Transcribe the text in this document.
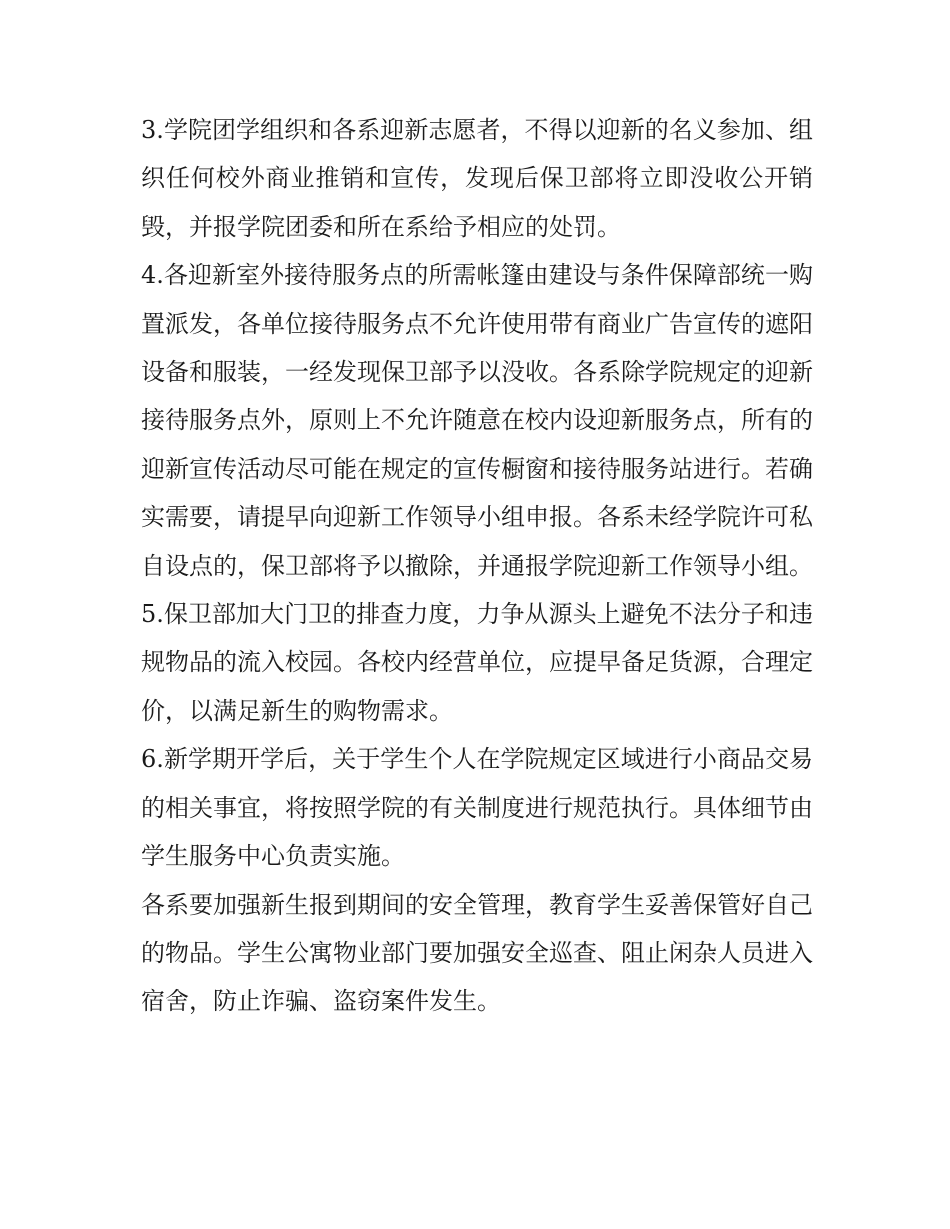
3.学院团学组织和各系迎新志愿者，不得以迎新的名义参加、组织任何校外商业推销和宣传，发现后保卫部将立即没收公开销毁，并报学院团委和所在系给予相应的处罚。

4.各迎新室外接待服务点的所需帐篷由建设与条件保障部统一购置派发，各单位接待服务点不允许使用带有商业广告宣传的遮阳设备和服装，一经发现保卫部予以没收。各系除学院规定的迎新接待服务点外，原则上不允许随意在校内设迎新服务点，所有的迎新宣传活动尽可能在规定的宣传橱窗和接待服务站进行。若确实需要，请提早向迎新工作领导小组申报。各系未经学院许可私自设点的，保卫部将予以撤除，并通报学院迎新工作领导小组。

5.保卫部加大门卫的排查力度，力争从源头上避免不法分子和违规物品的流入校园。各校内经营单位，应提早备足货源，合理定价，以满足新生的购物需求。

6.新学期开学后，关于学生个人在学院规定区域进行小商品交易的相关事宜，将按照学院的有关制度进行规范执行。具体细节由学生服务中心负责实施。

各系要加强新生报到期间的安全管理，教育学生妥善保管好自己的物品。学生公寓物业部门要加强安全巡查、阻止闲杂人员进入宿舍，防止诈骗、盗窃案件发生。
